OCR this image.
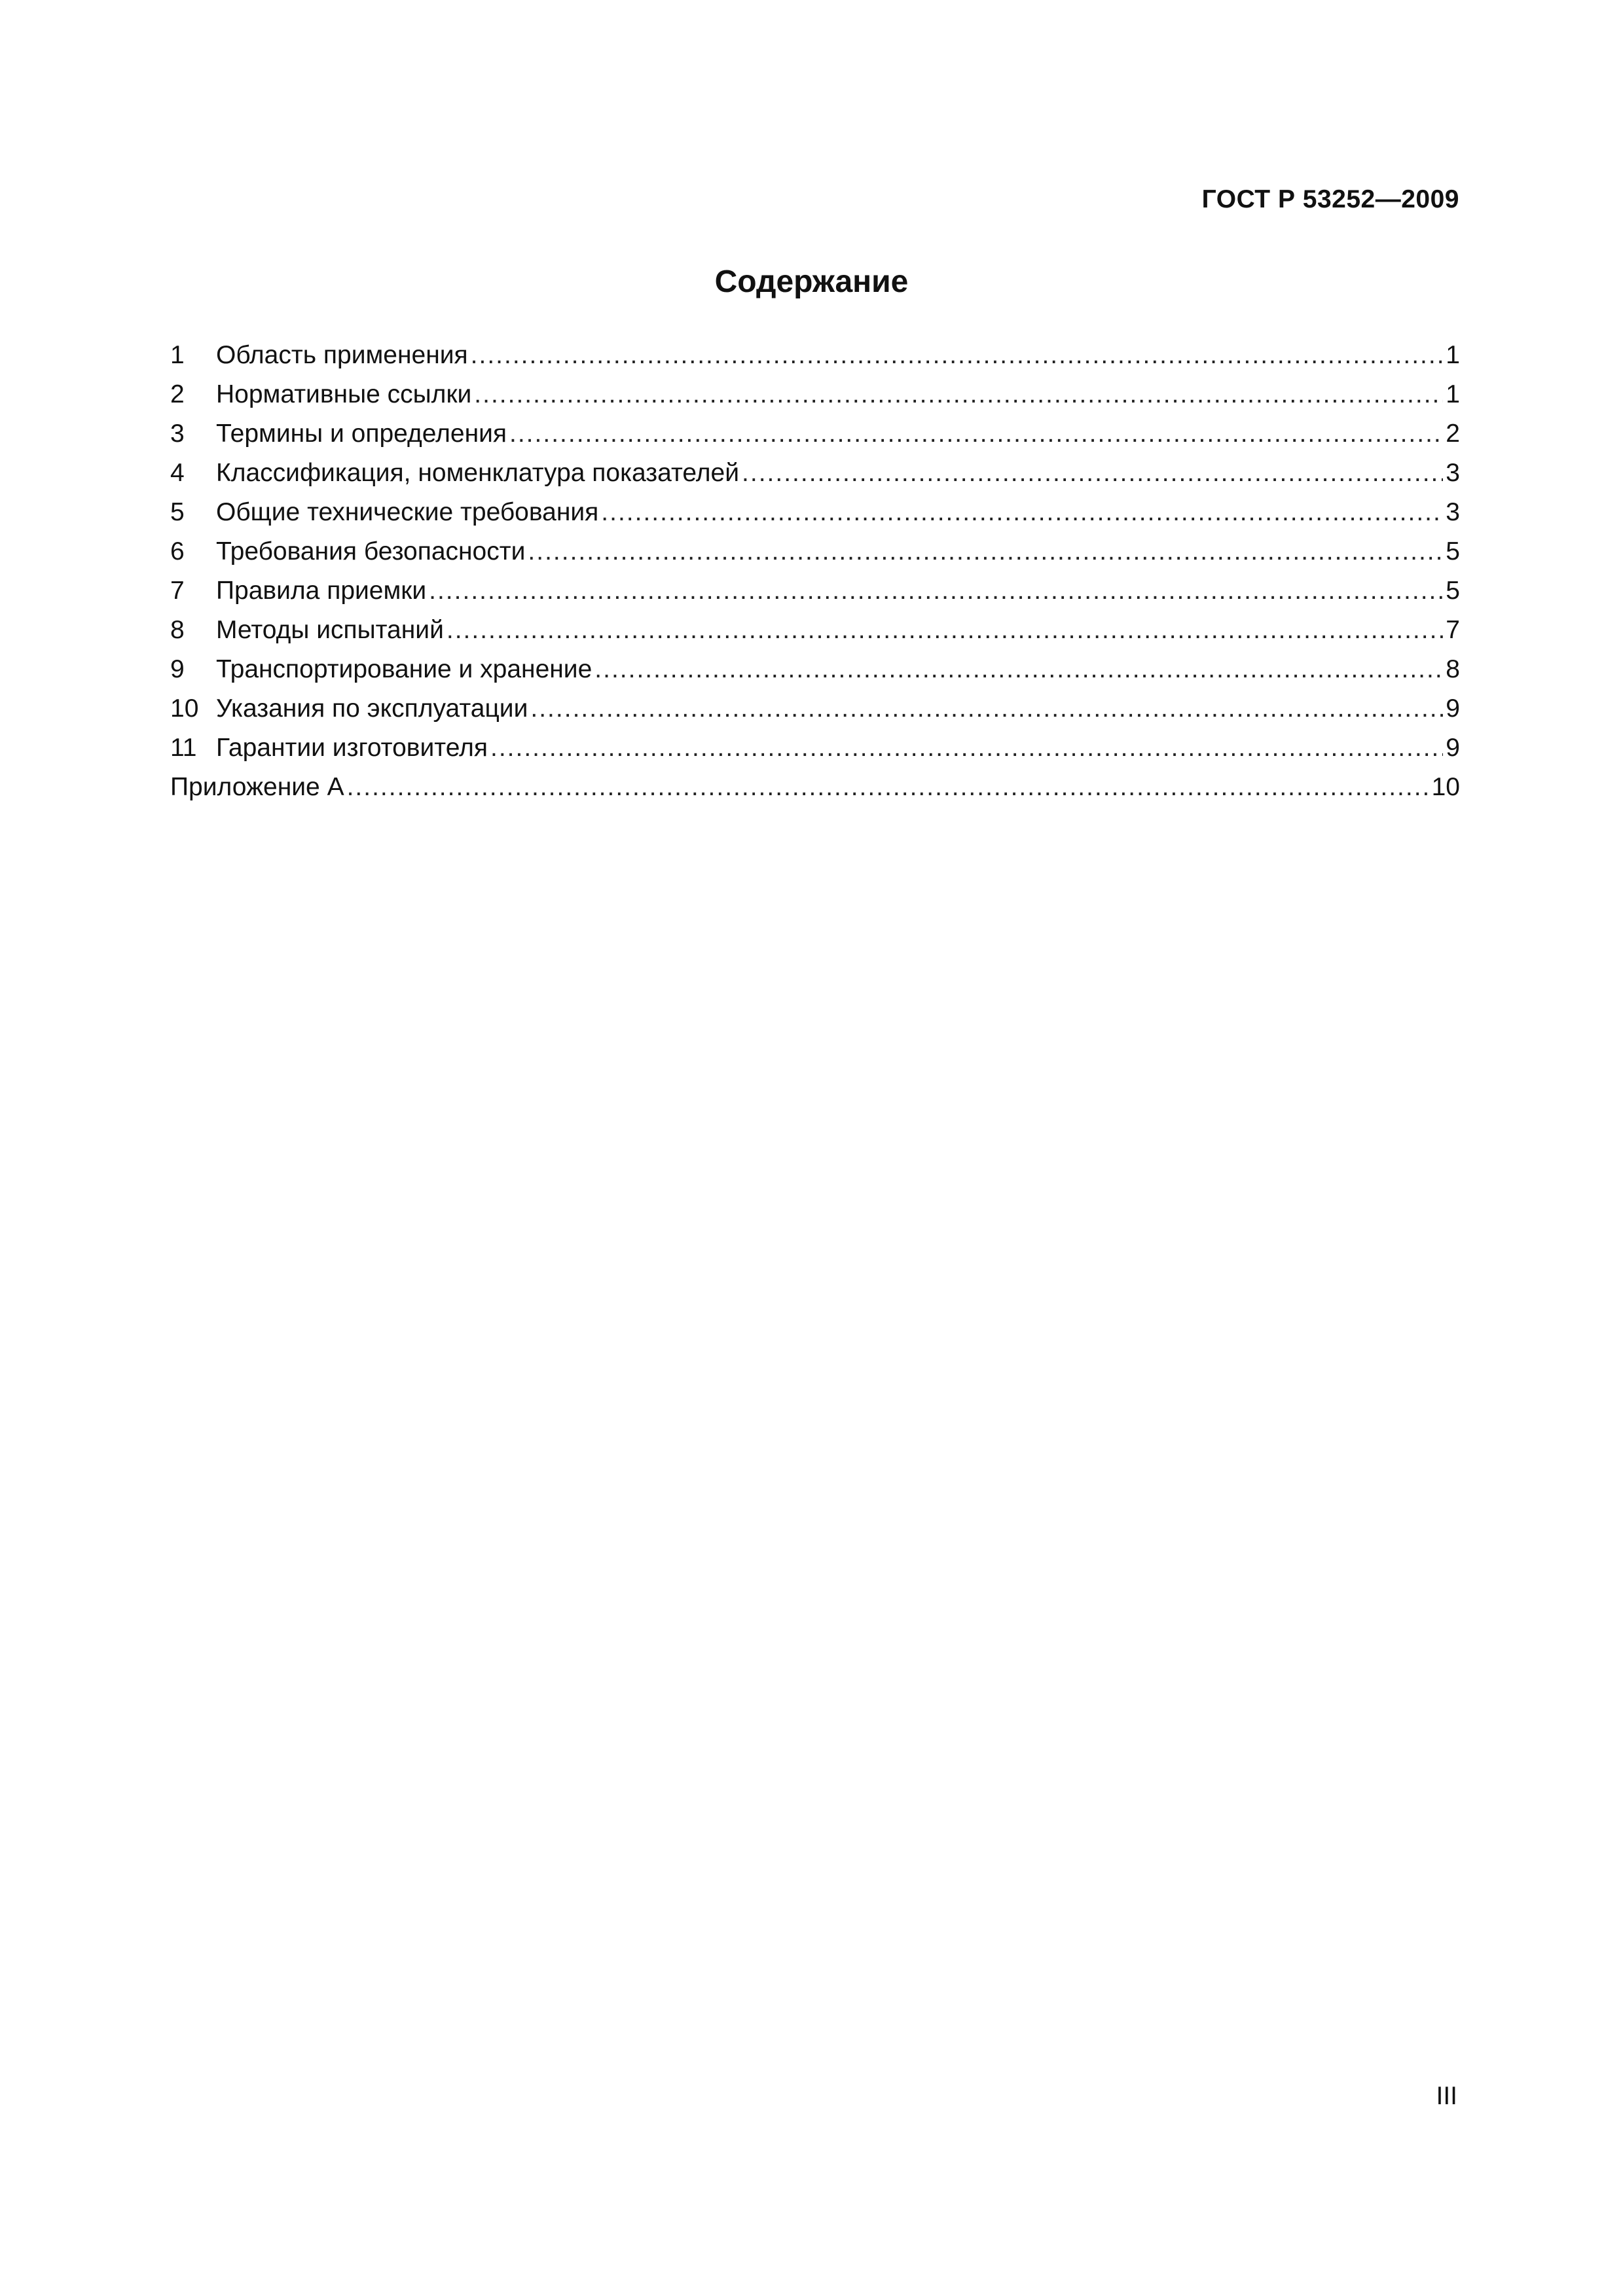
ГОСТ Р 53252—2009
Содержание
1	Область применения .....	1
2	Нормативные ссылки .....	1
3	Термины и определения .....	2
4	Классификация, номенклатура показателей .....	3
5	Общие технические требования .....	3
6	Требования безопасности .....	5
7	Правила приемки .....	5
8	Методы испытаний .....	7
9	Транспортирование и хранение .....	8
10 Указания по эксплуатации .....	9
11 Гарантии изготовителя .....	9
Приложение А .....	10
III
